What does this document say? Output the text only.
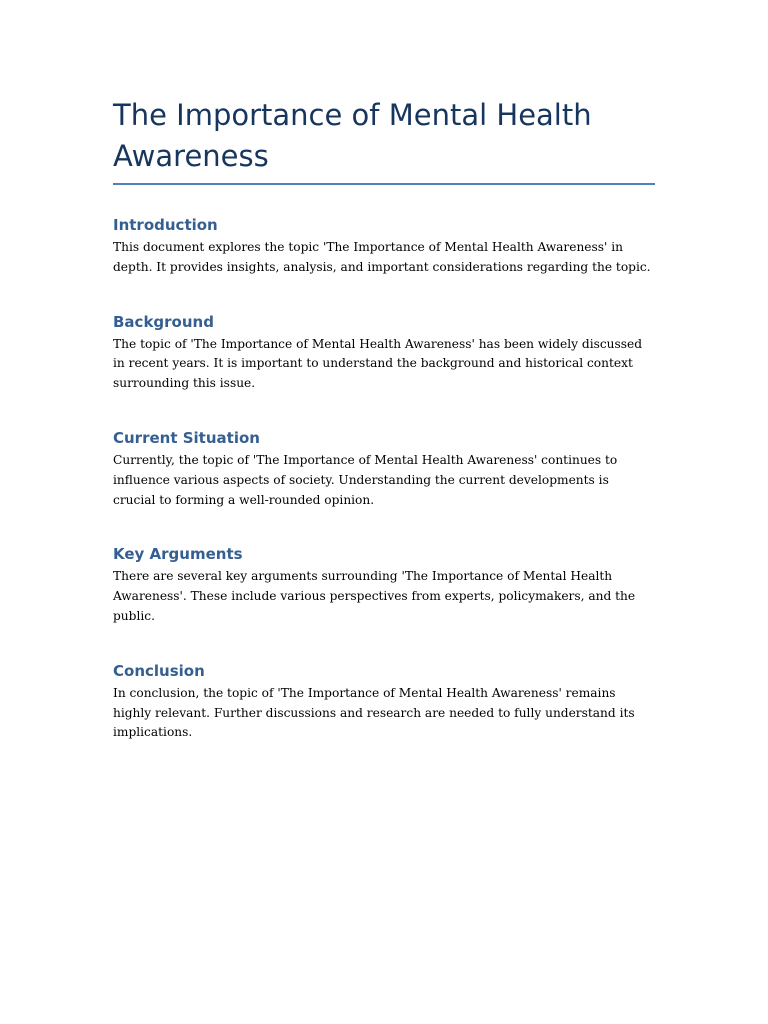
The Importance of Mental Health Awareness
Introduction

This document explores the topic 'The Importance of Mental Health Awareness' in depth. It provides insights, analysis, and important considerations regarding the topic.

Background

The topic of 'The Importance of Mental Health Awareness' has been widely discussed in recent years. It is important to understand the background and historical context surrounding this issue.

Current Situation

Currently, the topic of 'The Importance of Mental Health Awareness' continues to influence various aspects of society. Understanding the current developments is crucial to forming a well-rounded opinion.

Key Arguments

There are several key arguments surrounding 'The Importance of Mental Health Awareness'. These include various perspectives from experts, policymakers, and the public.

Conclusion

In conclusion, the topic of 'The Importance of Mental Health Awareness' remains highly relevant. Further discussions and research are needed to fully understand its implications.
